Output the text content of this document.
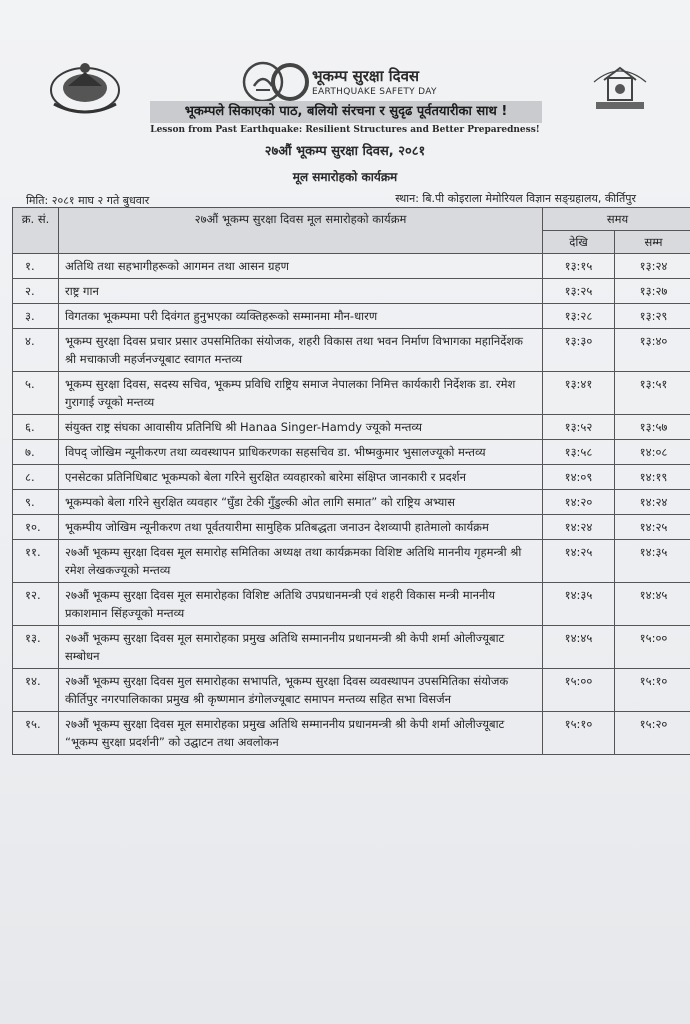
भूकम्प सुरक्षा दिवस
EARTHQUAKE SAFETY DAY
भूकम्पले सिकाएको पाठ, बलियो संरचना र सुदृढ पूर्वतयारीका साथ !
Lesson from Past Earthquake: Resilient Structures and Better Preparedness!
२७औं भूकम्प सुरक्षा दिवस, २०८१
मूल समारोहको कार्यक्रम
मिति: २०८१ माघ २ गते बुधवार	स्थान: बि.पी कोइराला मेमोरियल विज्ञान सङ्ग्रहालय, कीर्तिपुर
क्र. सं.	२७औं भूकम्प सुरक्षा दिवस मूल समारोहको कार्यक्रम	समय	
		देखि	सम्म
१.	अतिथि तथा सहभागीहरूको आगमन तथा आसन ग्रहण	१३:१५	१३:२४
२.	राष्ट्र गान	१३:२५	१३:२७
३.	विगतका भूकम्पमा परी दिवंगत हुनुभएका व्यक्तिहरूको सम्मानमा मौन-धारण	१३:२८	१३:२९
४.	भूकम्प सुरक्षा दिवस प्रचार प्रसार उपसमितिका संयोजक, शहरी विकास तथा भवन निर्माण विभागका महानिर्देशक श्री मचाकाजी महर्जनज्यूबाट स्वागत मन्तव्य	१३:३०	१३:४०
५.	भूकम्प सुरक्षा दिवस, सदस्य सचिव, भूकम्प प्रविधि राष्ट्रिय समाज नेपालका निमित्त कार्यकारी निर्देशक डा. रमेश गुरागाई ज्यूको मन्तव्य	१३:४१	१३:५१
६.	संयुक्त राष्ट्र संघका आवासीय प्रतिनिधि श्री Hanaa Singer-Hamdy ज्यूको मन्तव्य	१३:५२	१३:५७
७.	विपद् जोखिम न्यूनीकरण तथा व्यवस्थापन प्राधिकरणका सहसचिव डा. भीष्मकुमार भुसालज्यूको मन्तव्य	१३:५८	१४:०८
८.	एनसेटका प्रतिनिधिबाट भूकम्पको बेला गरिने सुरक्षित व्यवहारको बारेमा संक्षिप्त जानकारी र प्रदर्शन	१४:०९	१४:१९
९.	भूकम्पको बेला गरिने सुरक्षित व्यवहार “घुँडा टेकी गुँडुल्की ओत लागि समात” को राष्ट्रिय अभ्यास	१४:२०	१४:२४
१०.	भूकम्पीय जोखिम न्यूनीकरण तथा पूर्वतयारीमा सामुहिक प्रतिबद्धता जनाउन देशव्यापी हातेमालो कार्यक्रम	१४:२४	१४:२५
११.	२७औं भूकम्प सुरक्षा दिवस मूल समारोह समितिका अध्यक्ष तथा कार्यक्रमका विशिष्ट अतिथि माननीय गृहमन्त्री श्री रमेश लेखकज्यूको मन्तव्य	१४:२५	१४:३५
१२.	२७औं भूकम्प सुरक्षा दिवस मूल समारोहका विशिष्ट अतिथि उपप्रधानमन्त्री एवं शहरी विकास मन्त्री माननीय प्रकाशमान सिंहज्यूको मन्तव्य	१४:३५	१४:४५
१३.	२७औं भूकम्प सुरक्षा दिवस मूल समारोहका प्रमुख अतिथि सम्माननीय प्रधानमन्त्री श्री केपी शर्मा ओलीज्यूबाट सम्बोधन	१४:४५	१५:००
१४.	२७औं भूकम्प सुरक्षा दिवस मुल समारोहका सभापति, भूकम्प सुरक्षा दिवस व्यवस्थापन उपसमितिका संयोजक कीर्तिपुर नगरपालिकाका प्रमुख श्री कृष्णमान डंगोलज्यूबाट समापन मन्तव्य सहित सभा विसर्जन	१५:००	१५:१०
१५.	२७औं भूकम्प सुरक्षा दिवस मूल समारोहका प्रमुख अतिथि सम्माननीय प्रधानमन्त्री श्री केपी शर्मा ओलीज्यूबाट “भूकम्प सुरक्षा प्रदर्शनी” को उद्घाटन तथा अवलोकन	१५:१०	१५:२०
